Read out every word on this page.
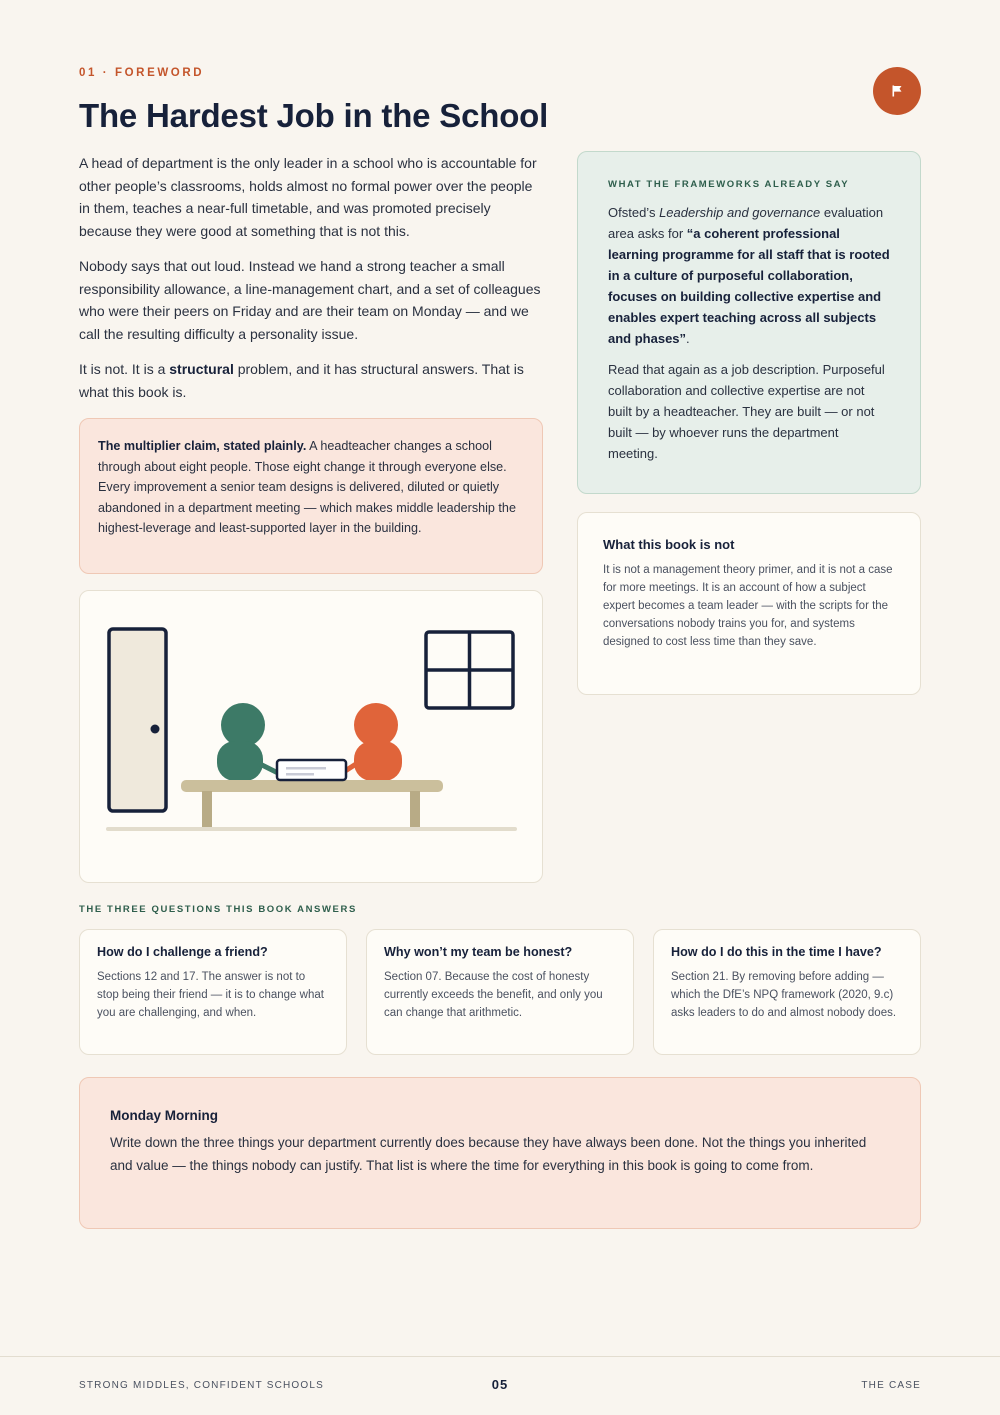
01 · FOREWORD
The Hardest Job in the School

A head of department is the only leader in a school who is accountable for other people’s classrooms, holds almost no formal power over the people in them, teaches a near-full timetable, and was promoted precisely because they were good at something that is not this.

Nobody says that out loud. Instead we hand a strong teacher a small responsibility allowance, a line-management chart, and a set of colleagues who were their peers on Friday and are their team on Monday — and we call the resulting difficulty a personality issue.

It is not. It is a structural problem, and it has structural answers. That is what this book is.

The multiplier claim, stated plainly. A headteacher changes a school through about eight people. Those eight change it through everyone else. Every improvement a senior team designs is delivered, diluted or quietly abandoned in a department meeting — which makes middle leadership the highest-leverage and least-supported layer in the building.
WHAT THE FRAMEWORKS ALREADY SAY

Ofsted’s Leadership and governance evaluation area asks for “a coherent professional learning programme for all staff that is rooted in a culture of purposeful collaboration, focuses on building collective expertise and enables expert teaching across all subjects and phases”.

Read that again as a job description. Purposeful collaboration and collective expertise are not built by a headteacher. They are built — or not built — by whoever runs the department meeting.

What this book is not
It is not a management theory primer, and it is not a case for more meetings. It is an account of how a subject expert becomes a team leader — with the scripts for the conversations nobody trains you for, and systems designed to cost less time than they save.
THE THREE QUESTIONS THIS BOOK ANSWERS
How do I challenge a friend?
Sections 12 and 17. The answer is not to stop being their friend — it is to change what you are challenging, and when.
Why won’t my team be honest?
Section 07. Because the cost of honesty currently exceeds the benefit, and only you can change that arithmetic.
How do I do this in the time I have?
Section 21. By removing before adding — which the DfE’s NPQ framework (2020, 9.c) asks leaders to do and almost nobody does.
Monday Morning
Write down the three things your department currently does because they have always been done. Not the things you inherited and value — the things nobody can justify. That list is where the time for everything in this book is going to come from.
STRONG MIDDLES, CONFIDENT SCHOOLS	05	THE CASE
